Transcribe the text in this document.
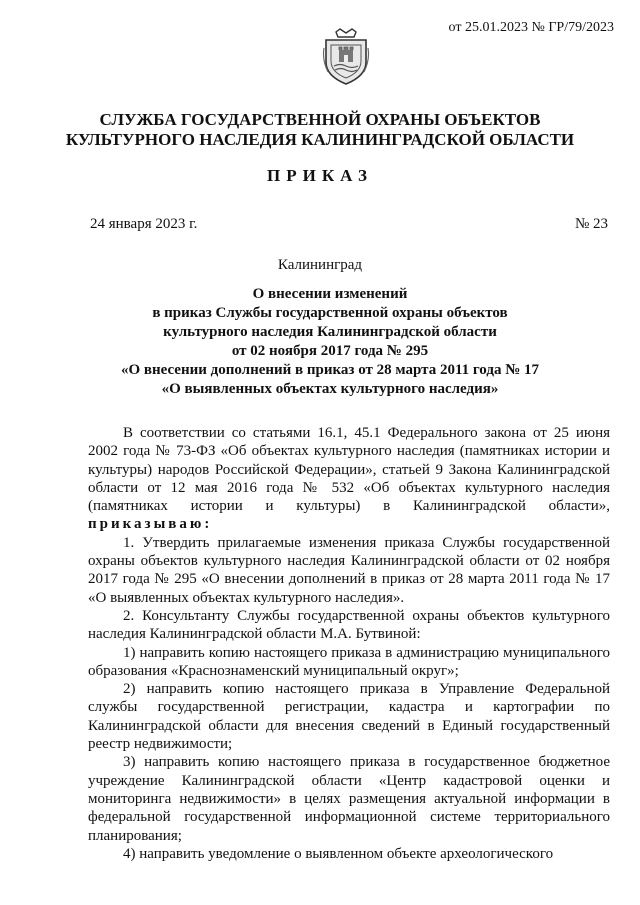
от 25.01.2023 № ГР/79/2023
СЛУЖБА ГОСУДАРСТВЕННОЙ ОХРАНЫ ОБЪЕКТОВ
КУЛЬТУРНОГО НАСЛЕДИЯ КАЛИНИНГРАДСКОЙ ОБЛАСТИ
ПРИКАЗ
24 января 2023 г.	№ 23
Калининград
О внесении изменений
в приказ Службы государственной охраны объектов
культурного наследия Калининградской области
от 02 ноября 2017 года № 295
«О внесении дополнений в приказ от 28 марта 2011 года № 17
«О выявленных объектах культурного наследия»

В соответствии со статьями 16.1, 45.1 Федерального закона от 25 июня 2002 года № 73-ФЗ «Об объектах культурного наследия (памятниках истории и культуры) народов Российской Федерации», статьей 9 Закона Калининградской области от 12 мая 2016 года № 532 «Об объектах культурного наследия (памятниках истории и культуры) в Калининградской области», приказываю:

1. Утвердить прилагаемые изменения приказа Службы государственной охраны объектов культурного наследия Калининградской области от 02 ноября 2017 года № 295 «О внесении дополнений в приказ от 28 марта 2011 года № 17 «О выявленных объектах культурного наследия».

2. Консультанту Службы государственной охраны объектов культурного наследия Калининградской области М.А. Бутвиной:

1) направить копию настоящего приказа в администрацию муниципального образования «Краснознаменский муниципальный округ»;

2) направить копию настоящего приказа в Управление Федеральной службы государственной регистрации, кадастра и картографии по Калининградской области для внесения сведений в Единый государственный реестр недвижимости;

3) направить копию настоящего приказа в государственное бюджетное учреждение Калининградской области «Центр кадастровой оценки и мониторинга недвижимости» в целях размещения актуальной информации в федеральной государственной информационной системе территориального планирования;

4) направить уведомление о выявленном объекте археологического
